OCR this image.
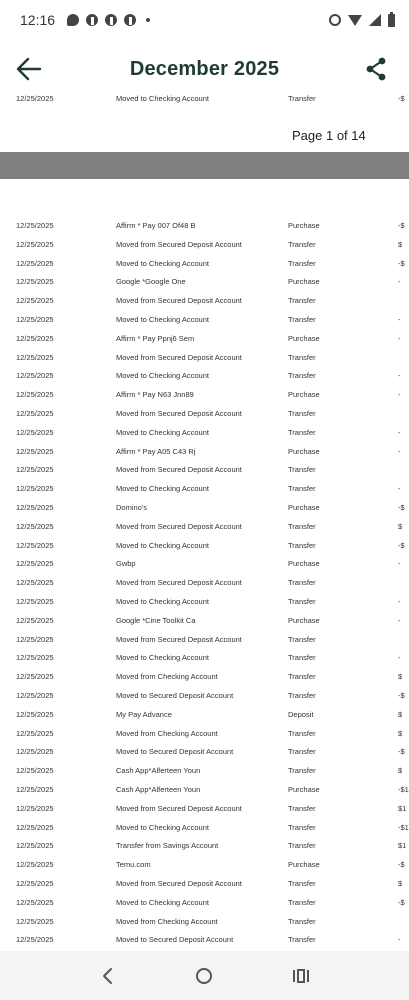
12:16
December 2025
12/25/2025	Moved to Checking Account	Transfer	-$
Page 1 of 14
12/25/2025	Affirm * Pay 007 Of48 B	Purchase	-$
12/25/2025	Moved from Secured Deposit Account	Transfer	$
12/25/2025	Moved to Checking Account	Transfer	-$
12/25/2025	Google *Google One	Purchase	-
12/25/2025	Moved from Secured Deposit Account	Transfer
12/25/2025	Moved to Checking Account	Transfer	-
12/25/2025	Affirm * Pay Ppnj6 Sem	Purchase	-
12/25/2025	Moved from Secured Deposit Account	Transfer
12/25/2025	Moved to Checking Account	Transfer	-
12/25/2025	Affirm * Pay N63 Jnn89	Purchase	-
12/25/2025	Moved from Secured Deposit Account	Transfer
12/25/2025	Moved to Checking Account	Transfer	-
12/25/2025	Affirm * Pay A05 C43 Rj	Purchase	-
12/25/2025	Moved from Secured Deposit Account	Transfer
12/25/2025	Moved to Checking Account	Transfer	-
12/25/2025	Domino's	Purchase	-$
12/25/2025	Moved from Secured Deposit Account	Transfer	$
12/25/2025	Moved to Checking Account	Transfer	-$
12/25/2025	Gwbp	Purchase	-
12/25/2025	Moved from Secured Deposit Account	Transfer
12/25/2025	Moved to Checking Account	Transfer	-
12/25/2025	Google *Cine Toolkit Ca	Purchase	-
12/25/2025	Moved from Secured Deposit Account	Transfer
12/25/2025	Moved to Checking Account	Transfer	-
12/25/2025	Moved from Checking Account	Transfer	$
12/25/2025	Moved to Secured Deposit Account	Transfer	-$
12/25/2025	My Pay Advance	Deposit	$
12/25/2025	Moved from Checking Account	Transfer	$
12/25/2025	Moved to Secured Deposit Account	Transfer	-$
12/25/2025	Cash App*Alferteen Youn	Transfer	$
12/25/2025	Cash App*Alferteen Youn	Purchase	-$1
12/25/2025	Moved from Secured Deposit Account	Transfer	$1
12/25/2025	Moved to Checking Account	Transfer	-$1
12/25/2025	Transfer from Savings Account	Transfer	$1
12/25/2025	Temu.com	Purchase	-$
12/25/2025	Moved from Secured Deposit Account	Transfer	$
12/25/2025	Moved to Checking Account	Transfer	-$
12/25/2025	Moved from Checking Account	Transfer
12/25/2025	Moved to Secured Deposit Account	Transfer	-
